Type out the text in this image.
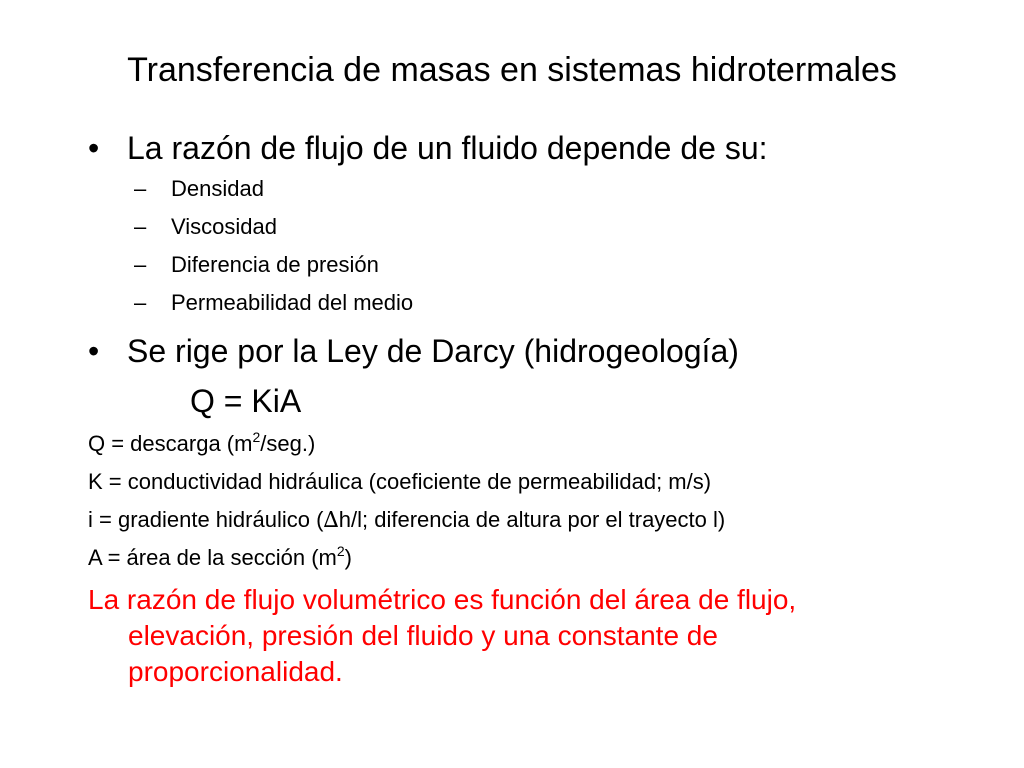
Transferencia de masas en sistemas hidrotermales
• La razón de flujo de un fluido depende de su:
– Densidad
– Viscosidad
– Diferencia de presión
– Permeabilidad del medio
• Se rige por la Ley de Darcy (hidrogeología)
Q = KiA
Q = descarga $(m^2/seg.)$
K = conductividad hidráulica (coeficiente de permeabilidad; m/s)
i = gradiente hidráulico (∆h/l; diferencia de altura por el trayecto l)
A = área de la sección $(m^2)$
La razón de flujo volumétrico es función del área de flujo,
elevación, presión del fluido y una constante de
proporcionalidad.
